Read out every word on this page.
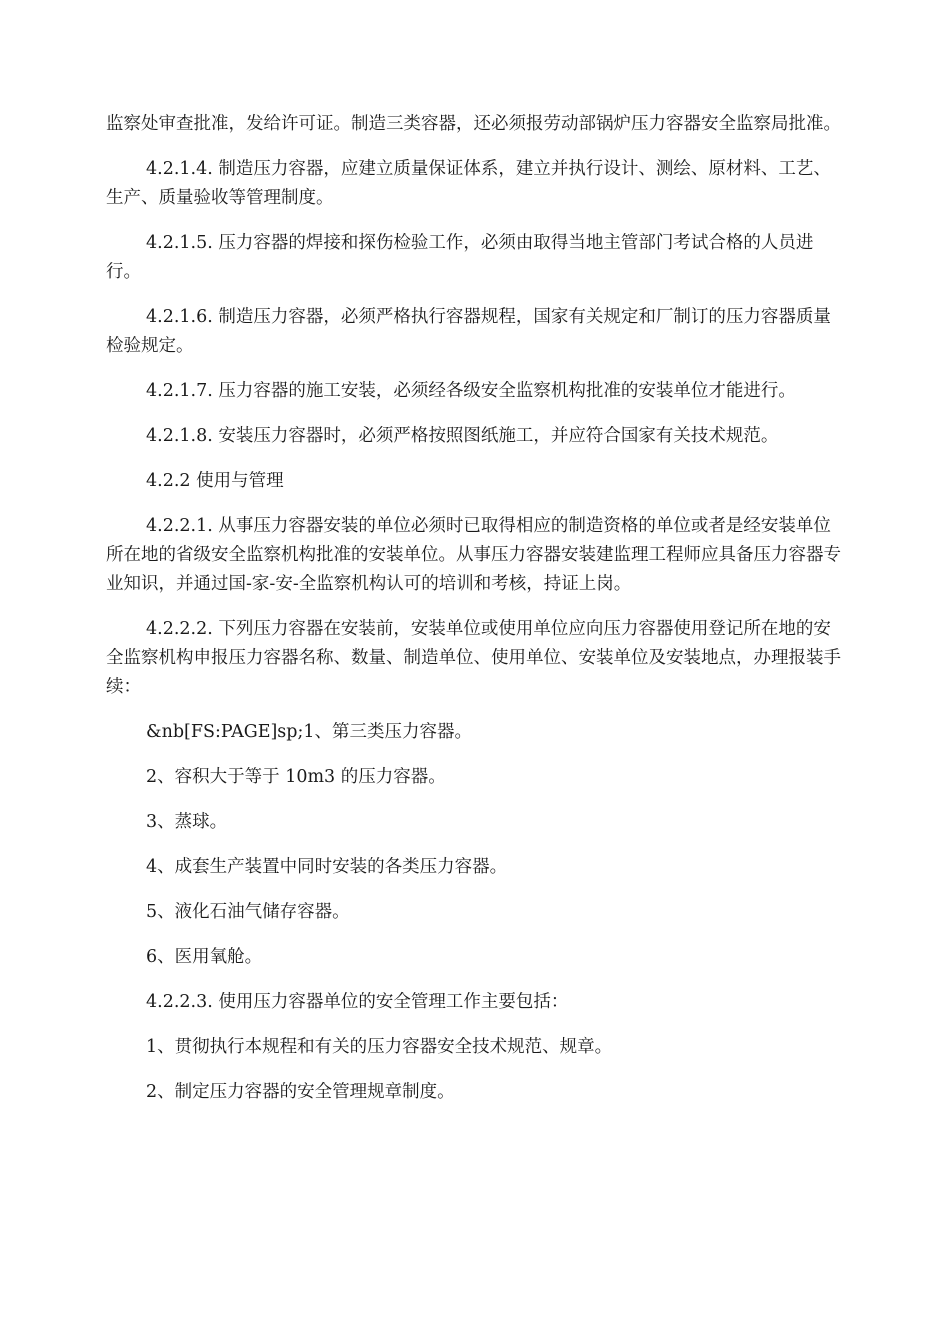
监察处审查批准，发给许可证。制造三类容器，还必须报劳动部锅炉压力容器安全监察局批准。

4.2.1.4. 制造压力容器，应建立质量保证体系，建立并执行设计、测绘、原材料、工艺、生产、质量验收等管理制度。

4.2.1.5. 压力容器的焊接和探伤检验工作，必须由取得当地主管部门考试合格的人员进行。

4.2.1.6. 制造压力容器，必须严格执行容器规程，国家有关规定和厂制订的压力容器质量检验规定。

4.2.1.7. 压力容器的施工安装，必须经各级安全监察机构批准的安装单位才能进行。

4.2.1.8. 安装压力容器时，必须严格按照图纸施工，并应符合国家有关技术规范。

4.2.2 使用与管理

4.2.2.1. 从事压力容器安装的单位必须时已取得相应的制造资格的单位或者是经安装单位所在地的省级安全监察机构批准的安装单位。从事压力容器安装建监理工程师应具备压力容器专业知识，并通过国-家-安-全监察机构认可的培训和考核，持证上岗。

4.2.2.2. 下列压力容器在安装前，安装单位或使用单位应向压力容器使用登记所在地的安全监察机构申报压力容器名称、数量、制造单位、使用单位、安装单位及安装地点，办理报装手续：

&nb[FS:PAGE]sp;1、第三类压力容器。

2、容积大于等于 10m3 的压力容器。

3、蒸球。

4、成套生产装置中同时安装的各类压力容器。

5、液化石油气储存容器。

6、医用氧舱。

4.2.2.3. 使用压力容器单位的安全管理工作主要包括：

1、贯彻执行本规程和有关的压力容器安全技术规范、规章。

2、制定压力容器的安全管理规章制度。
